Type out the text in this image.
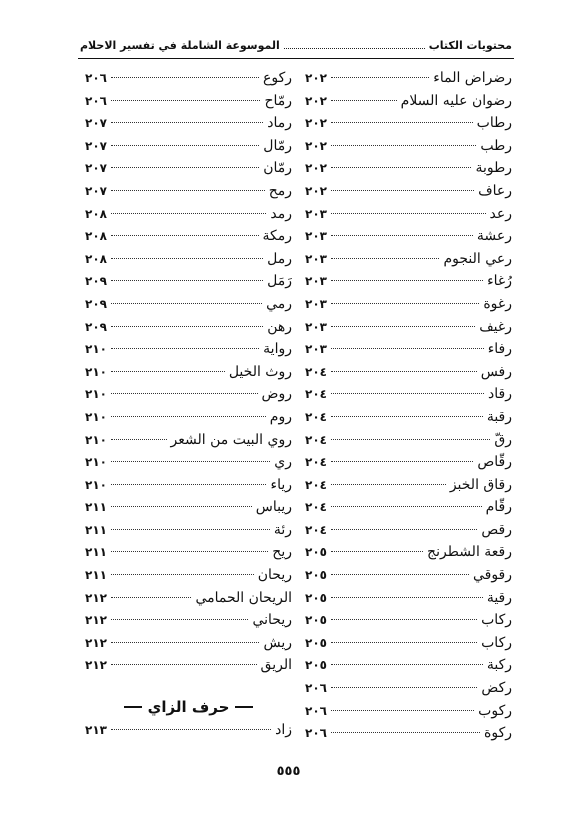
محتويات الكتاب
الموسوعة الشاملة في تفسير الاحلام
رضراض الماء
٢٠٢
رضوان عليه السلام
٢٠٢
رطاب
٢٠٢
رطب
٢٠٢
رطوبة
٢٠٢
رعاف
٢٠٢
رعد
٢٠٣
رعشة
٢٠٣
رعي النجوم
٢٠٣
رُغاء
٢٠٣
رغوة
٢٠٣
رغيف
٢٠٣
رفاء
٢٠٣
رفس
٢٠٤
رقاد
٢٠٤
رقبة
٢٠٤
رقّ
٢٠٤
رقّاص
٢٠٤
رقاق الخبز
٢٠٤
رقّام
٢٠٤
رقص
٢٠٤
رقعة الشطرنج
٢٠٥
رقوقي
٢٠٥
رقية
٢٠٥
ركاب
٢٠٥
ركاب
٢٠٥
ركبة
٢٠٥
ركض
٢٠٦
ركوب
٢٠٦
ركوة
٢٠٦
ركوع
٢٠٦
رمّاح
٢٠٦
رماد
٢٠٧
رمّال
٢٠٧
رمّان
٢٠٧
رمح
٢٠٧
رمد
٢٠٨
رمكة
٢٠٨
رمل
٢٠٨
رَمَل
٢٠٩
رمي
٢٠٩
رهن
٢٠٩
رواية
٢١٠
روث الخيل
٢١٠
روض
٢١٠
روم
٢١٠
روي البيت من الشعر
٢١٠
ري
٢١٠
رياء
٢١٠
ريباس
٢١١
رئة
٢١١
ريح
٢١١
ريحان
٢١١
الريحان الحمامي
٢١٢
ريحاني
٢١٢
ريش
٢١٢
الريق
٢١٢
حرف الزاي
زاد
٢١٣
٥٥٥
